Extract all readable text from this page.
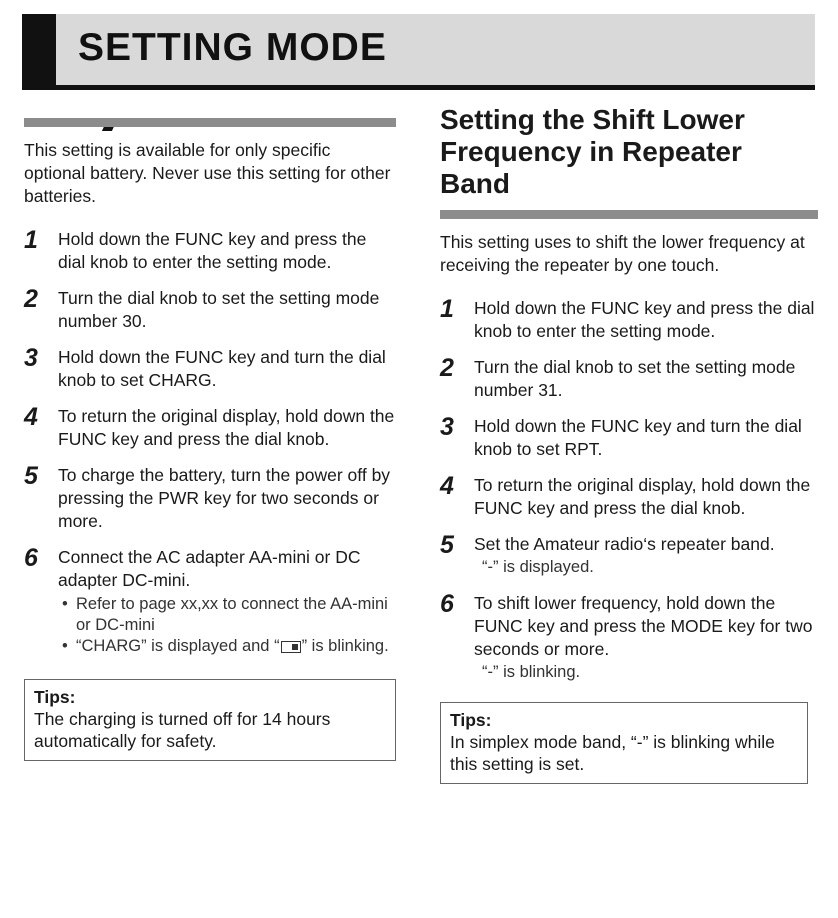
SETTING MODE

This setting is available for only specific optional battery. Never use this setting for other batteries.

1 Hold down the FUNC key and press the dial knob to enter the setting mode.
2 Turn the dial knob to set the setting mode number 30.
3 Hold down the FUNC key and turn the dial knob to set CHARG.
4 To return the original display, hold down the FUNC key and press the dial knob.
5 To charge the battery, turn the power off by pressing the PWR key for two seconds or more.
6 Connect the AC adapter AA-mini or DC adapter DC-mini.
• Refer to page xx,xx to connect the AA-mini or DC-mini
• “CHARG” is displayed and “ ” is blinking.
Tips:
The charging is turned off for 14 hours automatically for safety.
Setting the Shift Lower Frequency in Repeater Band

This setting uses to shift the lower frequency at receiving the repeater by one touch.

1 Hold down the FUNC key and press the dial knob to enter the setting mode.
2 Turn the dial knob to set the setting mode number 31.
3 Hold down the FUNC key and turn the dial knob to set RPT.
4 To return the original display, hold down the FUNC key and press the dial knob.
5 Set the Amateur radio‘s repeater band.
“-” is displayed.
6 To shift lower frequency, hold down the FUNC key and press the MODE key for two seconds or more.
“-” is blinking.
Tips:
In simplex mode band, “-” is blinking while this setting is set.
